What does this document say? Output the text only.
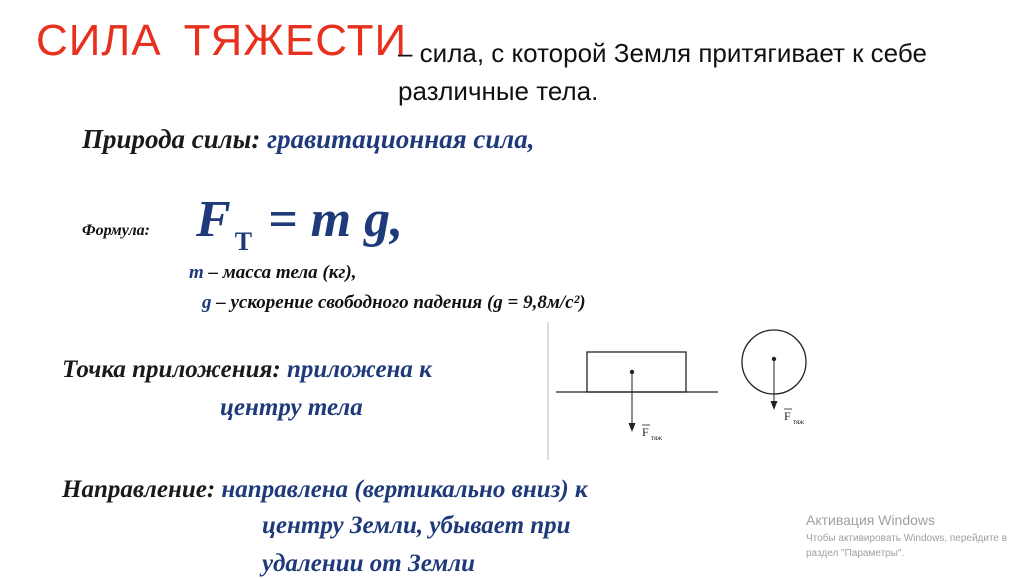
СИЛА ТЯЖЕСТИ
– сила, с которой Земля притягивает к себе различные тела.
Природа силы: гравитационная сила,
Формула: F $_Т$ = m g,
m – масса тела (кг),
g – ускорение свободного падения (g = 9,8м/с²)
Точка приложения: приложена к
центру тела
Направление: направлена (вертикально вниз) к
центру Земли, убывает при
удалении от Земли
F тяж
F тяж
Активация Windows
Чтобы активировать Windows, перейдите в
раздел "Параметры".
